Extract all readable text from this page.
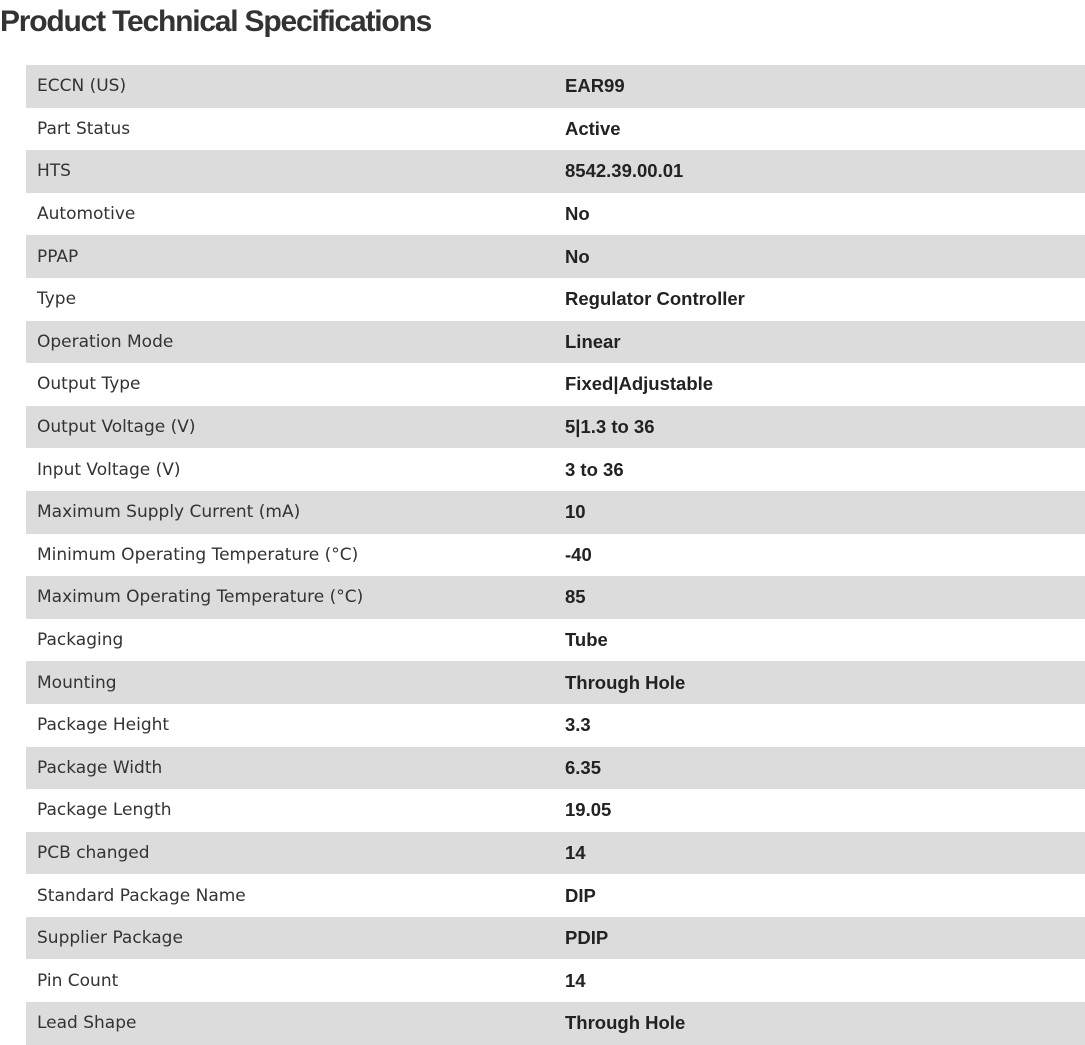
Product Technical Specifications
ECCN (US)	EAR99
Part Status	Active
HTS	8542.39.00.01
Automotive	No
PPAP	No
Type	Regulator Controller
Operation Mode	Linear
Output Type	Fixed|Adjustable
Output Voltage (V)	5|1.3 to 36
Input Voltage (V)	3 to 36
Maximum Supply Current (mA)	10
Minimum Operating Temperature (°C)	-40
Maximum Operating Temperature (°C)	85
Packaging	Tube
Mounting	Through Hole
Package Height	3.3
Package Width	6.35
Package Length	19.05
PCB changed	14
Standard Package Name	DIP
Supplier Package	PDIP
Pin Count	14
Lead Shape	Through Hole
